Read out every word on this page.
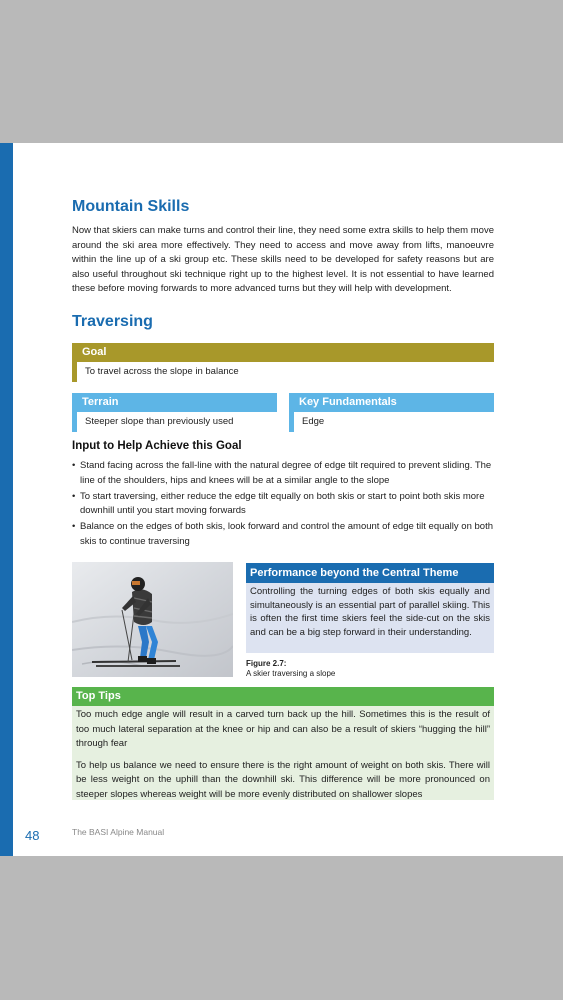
Mountain Skills

Now that skiers can make turns and control their line, they need some extra skills to help them move around the ski area more effectively. They need to access and move away from lifts, manoeuvre within the line up of a ski group etc. These skills need to be developed for safety reasons but are also useful throughout ski technique right up to the highest level. It is not essential to have learned these before moving forwards to more advanced turns but they will help with development.

Traversing
Goal
To travel across the slope in balance
Terrain
Steeper slope than previously used
Key Fundamentals
Edge
Input to Help Achieve this Goal
• Stand facing across the fall-line with the natural degree of edge tilt required to prevent sliding. The line of the shoulders, hips and knees will be at a similar angle to the slope
• To start traversing, either reduce the edge tilt equally on both skis or start to point both skis more downhill until you start moving forwards
• Balance on the edges of both skis, look forward and control the amount of edge tilt equally on both skis to continue traversing
Performance beyond the Central Theme

Controlling the turning edges of both skis equally and simultaneously is an essential part of parallel skiing. This is often the first time skiers feel the side-cut on the skis and can be a big step forward in their understanding.

Figure 2.7:
A skier traversing a slope
Top Tips

Too much edge angle will result in a carved turn back up the hill. Sometimes this is the result of too much lateral separation at the knee or hip and can also be a result of skiers “hugging the hill” through fear

To help us balance we need to ensure there is the right amount of weight on both skis. There will be less weight on the uphill than the downhill ski. This difference will be more pronounced on steeper slopes whereas weight will be more evenly distributed on shallower slopes

48	The BASI Alpine Manual
